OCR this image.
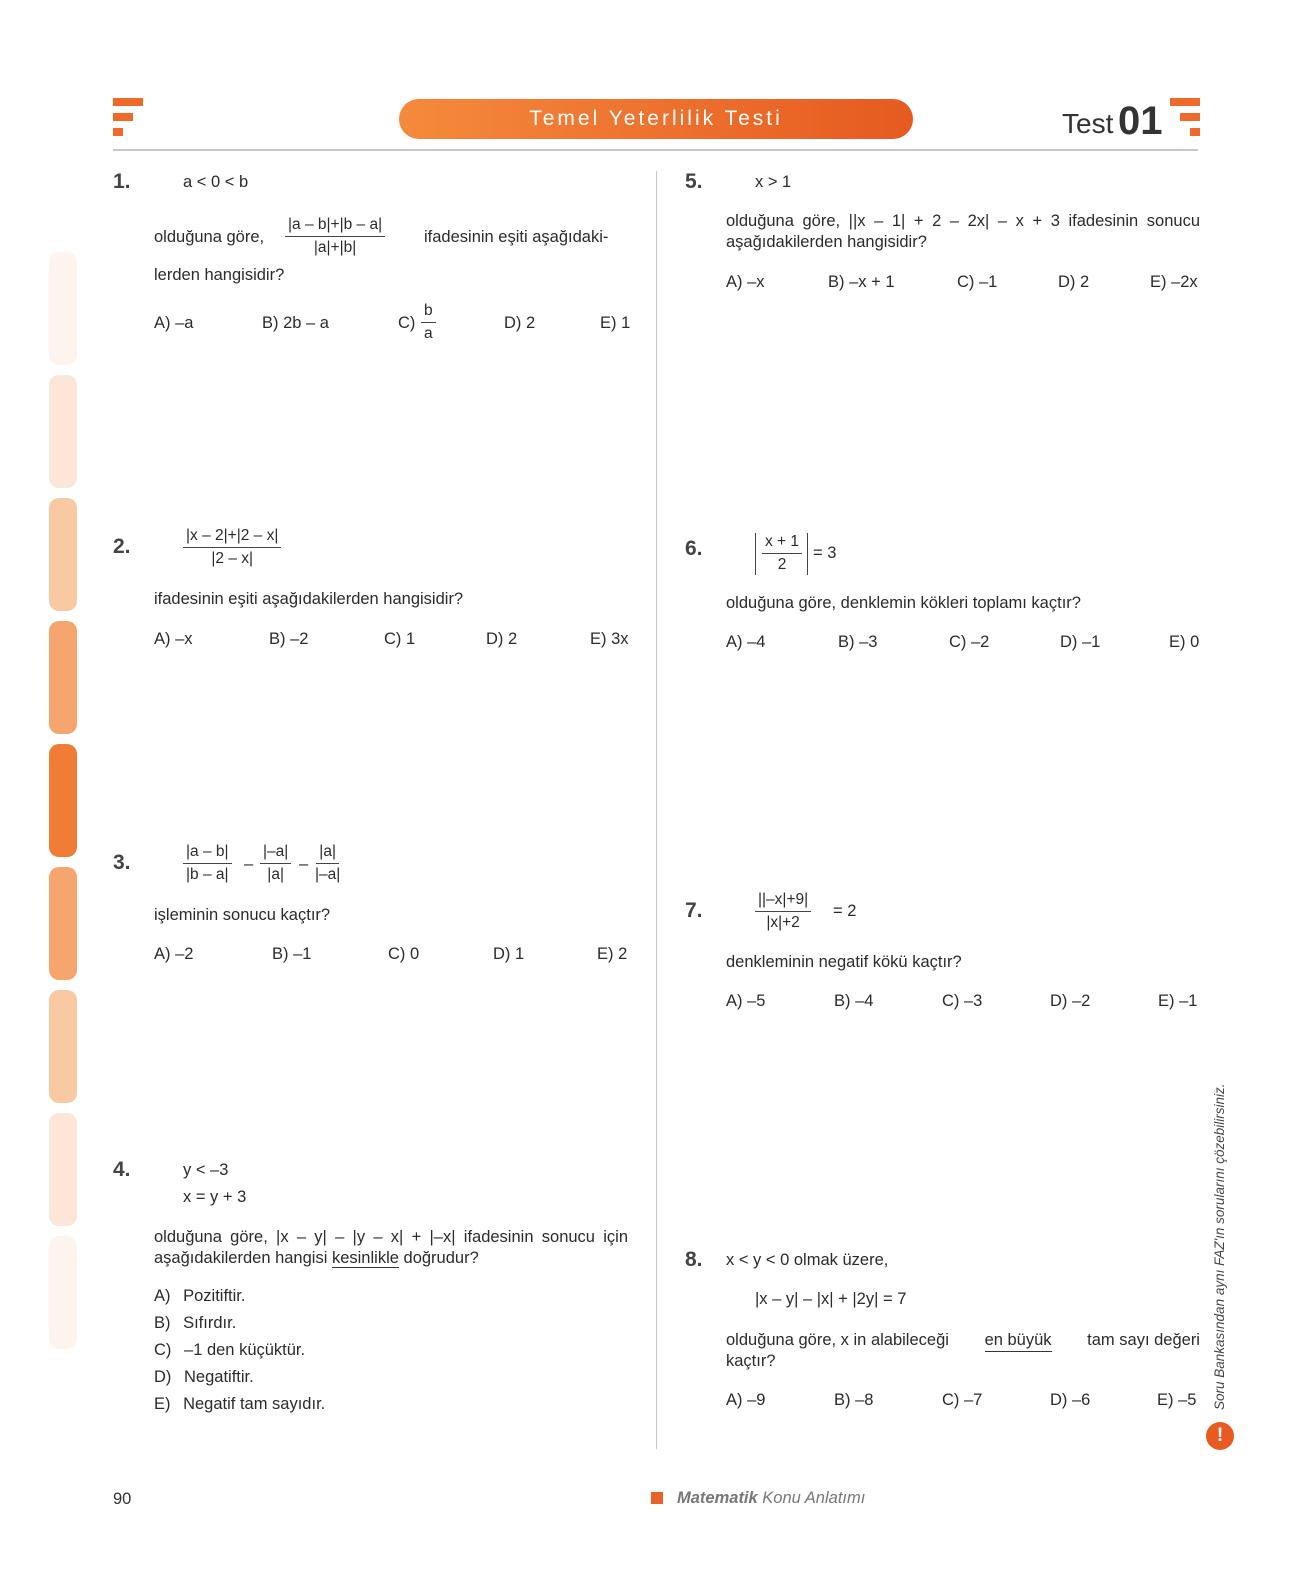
Temel Yeterlilik Testi	Test 01
1.	a < 0 < b
olduğuna göre, $\frac{|a - b|+|b - a|}{|a|+|b|}$ ifadesinin eşiti aşağıdaki-
lerden hangisidir?
A) –a	B) 2b – a	$C) \frac{b}{a}$	D) 2	E) 1
2.	$\frac{|x - 2|+|2 - x|}{|2 - x|}$
ifadesinin eşiti aşağıdakilerden hangisidir?
A) –x	B) –2	C) 1	D) 2	E) 3x
3.	$\frac{|a - b|}{|b - a|} - \frac{|-a|}{|a|} - \frac{|a|}{|-a|}$
işleminin sonucu kaçtır?
A) –2	B) –1	C) 0	D) 1	E) 2
4.	y < –3
x = y + 3
olduğuna göre, |x – y| – |y – x| + |–x| ifadesinin sonucu için
aşağıdakilerden hangisi kesinlikle doğrudur?
A) Pozitiftir.
B) Sıfırdır.
C) –1 den küçüktür.
D) Negatiftir.
E) Negatif tam sayıdır.
5.	x > 1
olduğuna göre, ||x – 1| + 2 – 2x| – x + 3 ifadesinin sonucu
aşağıdakilerden hangisidir?
A) –x	B) –x + 1	C) –1	D) 2	E) –2x
6.	$\frac{x + 1}{2} = 3$
olduğuna göre, denklemin kökleri toplamı kaçtır?
A) –4	B) –3	C) –2	D) –1	E) 0
7.	$\frac{||-x|+9|}{|x|+2} = 2$
denkleminin negatif kökü kaçtır?
A) –5	B) –4	C) –3	D) –2	E) –1
8. x < y < 0 olmak üzere,
|x – y| – |x| + |2y| = 7
olduğuna göre, x in alabileceği en büyük tam sayı değeri
kaçtır?
A) –9	B) –8	C) –7	D) –6	E) –5 Soru Bankasından aynı FAZ'ın sorularını çözebilirsiniz.
!
90	Matematik Konu Anlatımı
